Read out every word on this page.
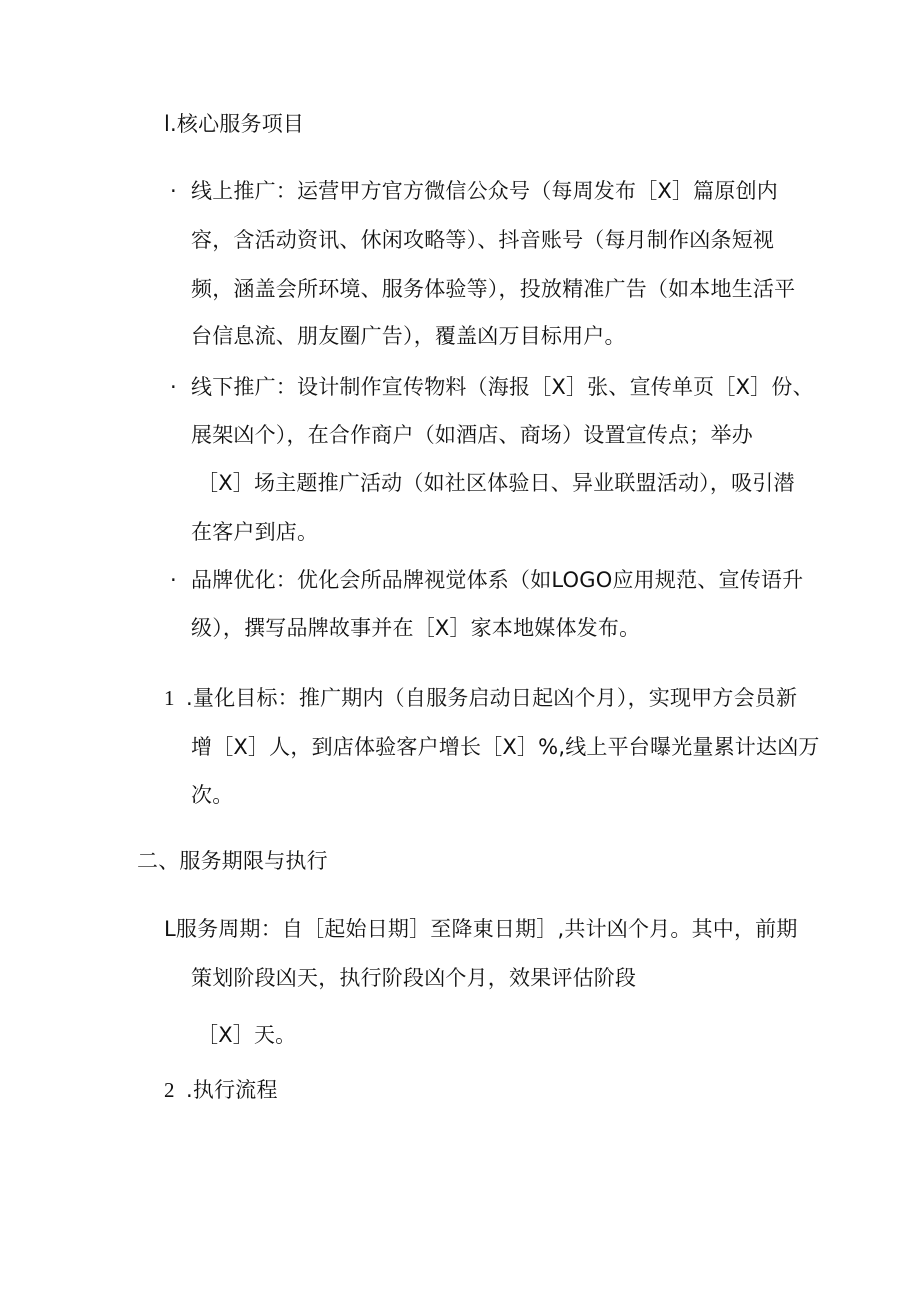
l.核心服务项目
· 线上推广：运营甲方官方微信公众号（每周发布［X］篇原创内
容，含活动资讯、休闲攻略等）、抖音账号（每月制作凶条短视
频，涵盖会所环境、服务体验等），投放精准广告（如本地生活平
台信息流、朋友圈广告），覆盖凶万目标用户。
· 线下推广：设计制作宣传物料（海报［X］张、宣传单页［X］份、
展架凶个），在合作商户（如酒店、商场）设置宣传点；举办
［X］场主题推广活动（如社区体验日、异业联盟活动），吸引潜
在客户到店。
· 品牌优化：优化会所品牌视觉体系（如LOGO应用规范、宣传语升
级），撰写品牌故事并在［X］家本地媒体发布。
1 .量化目标：推广期内（自服务启动日起凶个月），实现甲方会员新
增［X］人，到店体验客户增长［X］%,线上平台曝光量累计达凶万
次。
二、服务期限与执行
L服务周期：自［起始日期］至降東日期］,共计凶个月。其中，前期
策划阶段凶天，执行阶段凶个月，效果评估阶段
［X］天。
2 .执行流程
